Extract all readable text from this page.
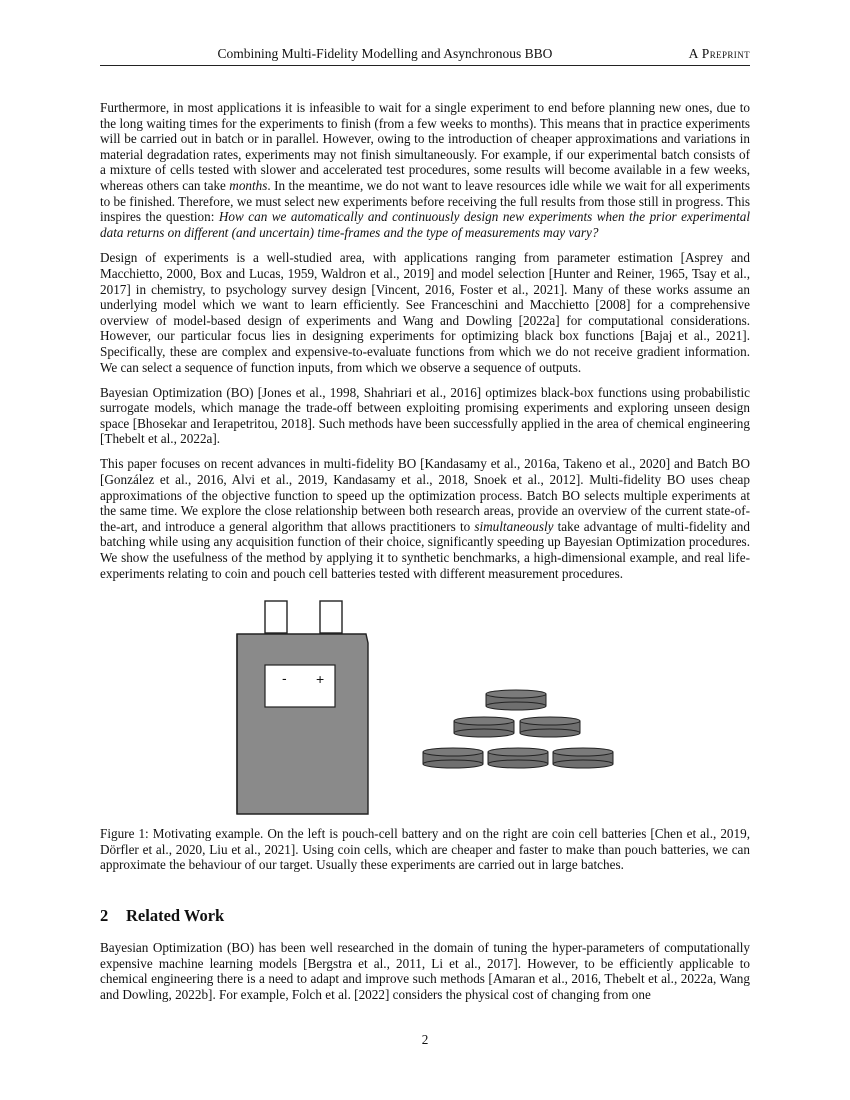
Combining Multi-Fidelity Modelling and Asynchronous BBO	A Preprint

Furthermore, in most applications it is infeasible to wait for a single experiment to end before planning new ones, due to the long waiting times for the experiments to finish (from a few weeks to months). This means that in practice experiments will be carried out in batch or in parallel. However, owing to the introduction of cheaper approximations and variations in material degradation rates, experiments may not finish simultaneously. For example, if our experimental batch consists of a mixture of cells tested with slower and accelerated test procedures, some results will become available in a few weeks, whereas others can take months. In the meantime, we do not want to leave resources idle while we wait for all experiments to be finished. Therefore, we must select new experiments before receiving the full results from those still in progress. This inspires the question: How can we automatically and continuously design new experiments when the prior experimental data returns on different (and uncertain) time-frames and the type of measurements may vary?

Design of experiments is a well-studied area, with applications ranging from parameter estimation [Asprey and Macchietto, 2000, Box and Lucas, 1959, Waldron et al., 2019] and model selection [Hunter and Reiner, 1965, Tsay et al., 2017] in chemistry, to psychology survey design [Vincent, 2016, Foster et al., 2021]. Many of these works assume an underlying model which we want to learn efficiently. See Franceschini and Macchietto [2008] for a comprehensive overview of model-based design of experiments and Wang and Dowling [2022a] for computational considerations. However, our particular focus lies in designing experiments for optimizing black box functions [Bajaj et al., 2021]. Specifically, these are complex and expensive-to-evaluate functions from which we do not receive gradient information. We can select a sequence of function inputs, from which we observe a sequence of outputs.

Bayesian Optimization (BO) [Jones et al., 1998, Shahriari et al., 2016] optimizes black-box functions using probabilistic surrogate models, which manage the trade-off between exploiting promising experiments and exploring unseen design space [Bhosekar and Ierapetritou, 2018]. Such methods have been successfully applied in the area of chemical engineering [Thebelt et al., 2022a].

This paper focuses on recent advances in multi-fidelity BO [Kandasamy et al., 2016a, Takeno et al., 2020] and Batch BO [González et al., 2016, Alvi et al., 2019, Kandasamy et al., 2018, Snoek et al., 2012]. Multi-fidelity BO uses cheap approximations of the objective function to speed up the optimization process. Batch BO selects multiple experiments at the same time. We explore the close relationship between both research areas, provide an overview of the current state-of-the-art, and introduce a general algorithm that allows practitioners to simultaneously take advantage of multi-fidelity and batching while using any acquisition function of their choice, significantly speeding up Bayesian Optimization procedures. We show the usefulness of the method by applying it to synthetic benchmarks, a high-dimensional example, and real life-experiments relating to coin and pouch cell batteries tested with different measurement procedures.

- +
Figure 1: Motivating example. On the left is pouch-cell battery and on the right are coin cell batteries [Chen et al., 2019, Dörfler et al., 2020, Liu et al., 2021]. Using coin cells, which are cheaper and faster to make than pouch batteries, we can approximate the behaviour of our target. Usually these experiments are carried out in large batches.
2 Related Work
Bayesian Optimization (BO) has been well researched in the domain of tuning the hyper-parameters of computationally expensive machine learning models [Bergstra et al., 2011, Li et al., 2017]. However, to be efficiently applicable to chemical engineering there is a need to adapt and improve such methods [Amaran et al., 2016, Thebelt et al., 2022a, Wang and Dowling, 2022b]. For example, Folch et al. [2022] considers the physical cost of changing from one
2
